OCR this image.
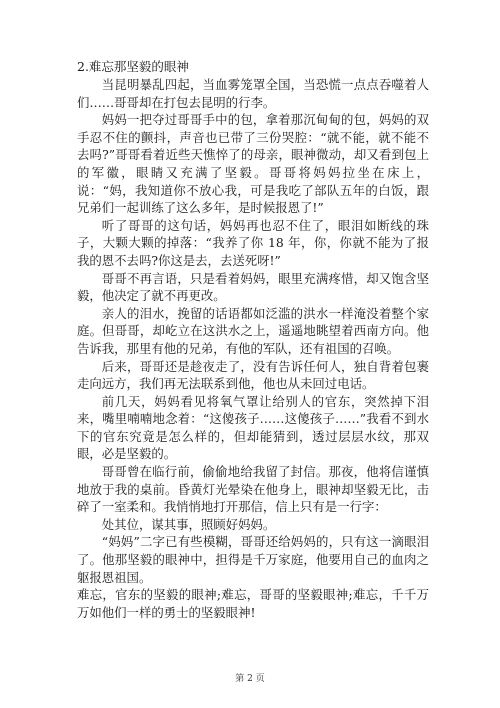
2.难忘那坚毅的眼神

当昆明暴乱四起，当血雾笼罩全国，当恐慌一点点吞噬着人们……哥哥却在打包去昆明的行李。

妈妈一把夺过哥哥手中的包，拿着那沉甸甸的包，妈妈的双手忍不住的颤抖，声音也已带了三份哭腔：“就不能，就不能不去吗?”哥哥看着近些天憔悴了的母亲，眼神微动，却又看到包上的军徽，眼睛又充满了坚毅。哥哥将妈妈拉坐在床上，说：“妈，我知道你不放心我，可是我吃了部队五年的白饭，跟兄弟们一起训练了这么多年，是时候报恩了!”

听了哥哥的这句话，妈妈再也忍不住了，眼泪如断线的珠子，大颗大颗的掉落：“我养了你 18 年，你，你就不能为了报我的恩不去吗?你这是去，去送死呀!”

哥哥不再言语，只是看着妈妈，眼里充满疼惜，却又饱含坚毅，他决定了就不再更改。

亲人的泪水，挽留的话语都如泛滥的洪水一样淹没着整个家庭。但哥哥，却屹立在这洪水之上，遥遥地眺望着西南方向。他告诉我，那里有他的兄弟，有他的军队，还有祖国的召唤。

后来，哥哥还是趁夜走了，没有告诉任何人，独自背着包裹走向远方，我们再无法联系到他，他也从未回过电话。

前几天，妈妈看见将氧气罩让给别人的官东，突然掉下泪来，嘴里喃喃地念着：“这傻孩子……这傻孩子……”我看不到水下的官东究竟是怎么样的，但却能猜到，透过层层水纹，那双眼，必是坚毅的。

哥哥曾在临行前，偷偷地给我留了封信。那夜，他将信谨慎地放于我的桌前。昏黄灯光晕染在他身上，眼神却坚毅无比，击碎了一室柔和。我悄悄地打开那信，信上只有是一行字：

处其位，谋其事，照顾好妈妈。

“妈妈”二字已有些模糊，哥哥还给妈妈的，只有这一滴眼泪了。他那坚毅的眼神中，担得是千万家庭，他要用自己的血肉之躯报恩祖国。

难忘，官东的坚毅的眼神;难忘，哥哥的坚毅眼神;难忘，千千万万如他们一样的勇士的坚毅眼神!

第 2 页
